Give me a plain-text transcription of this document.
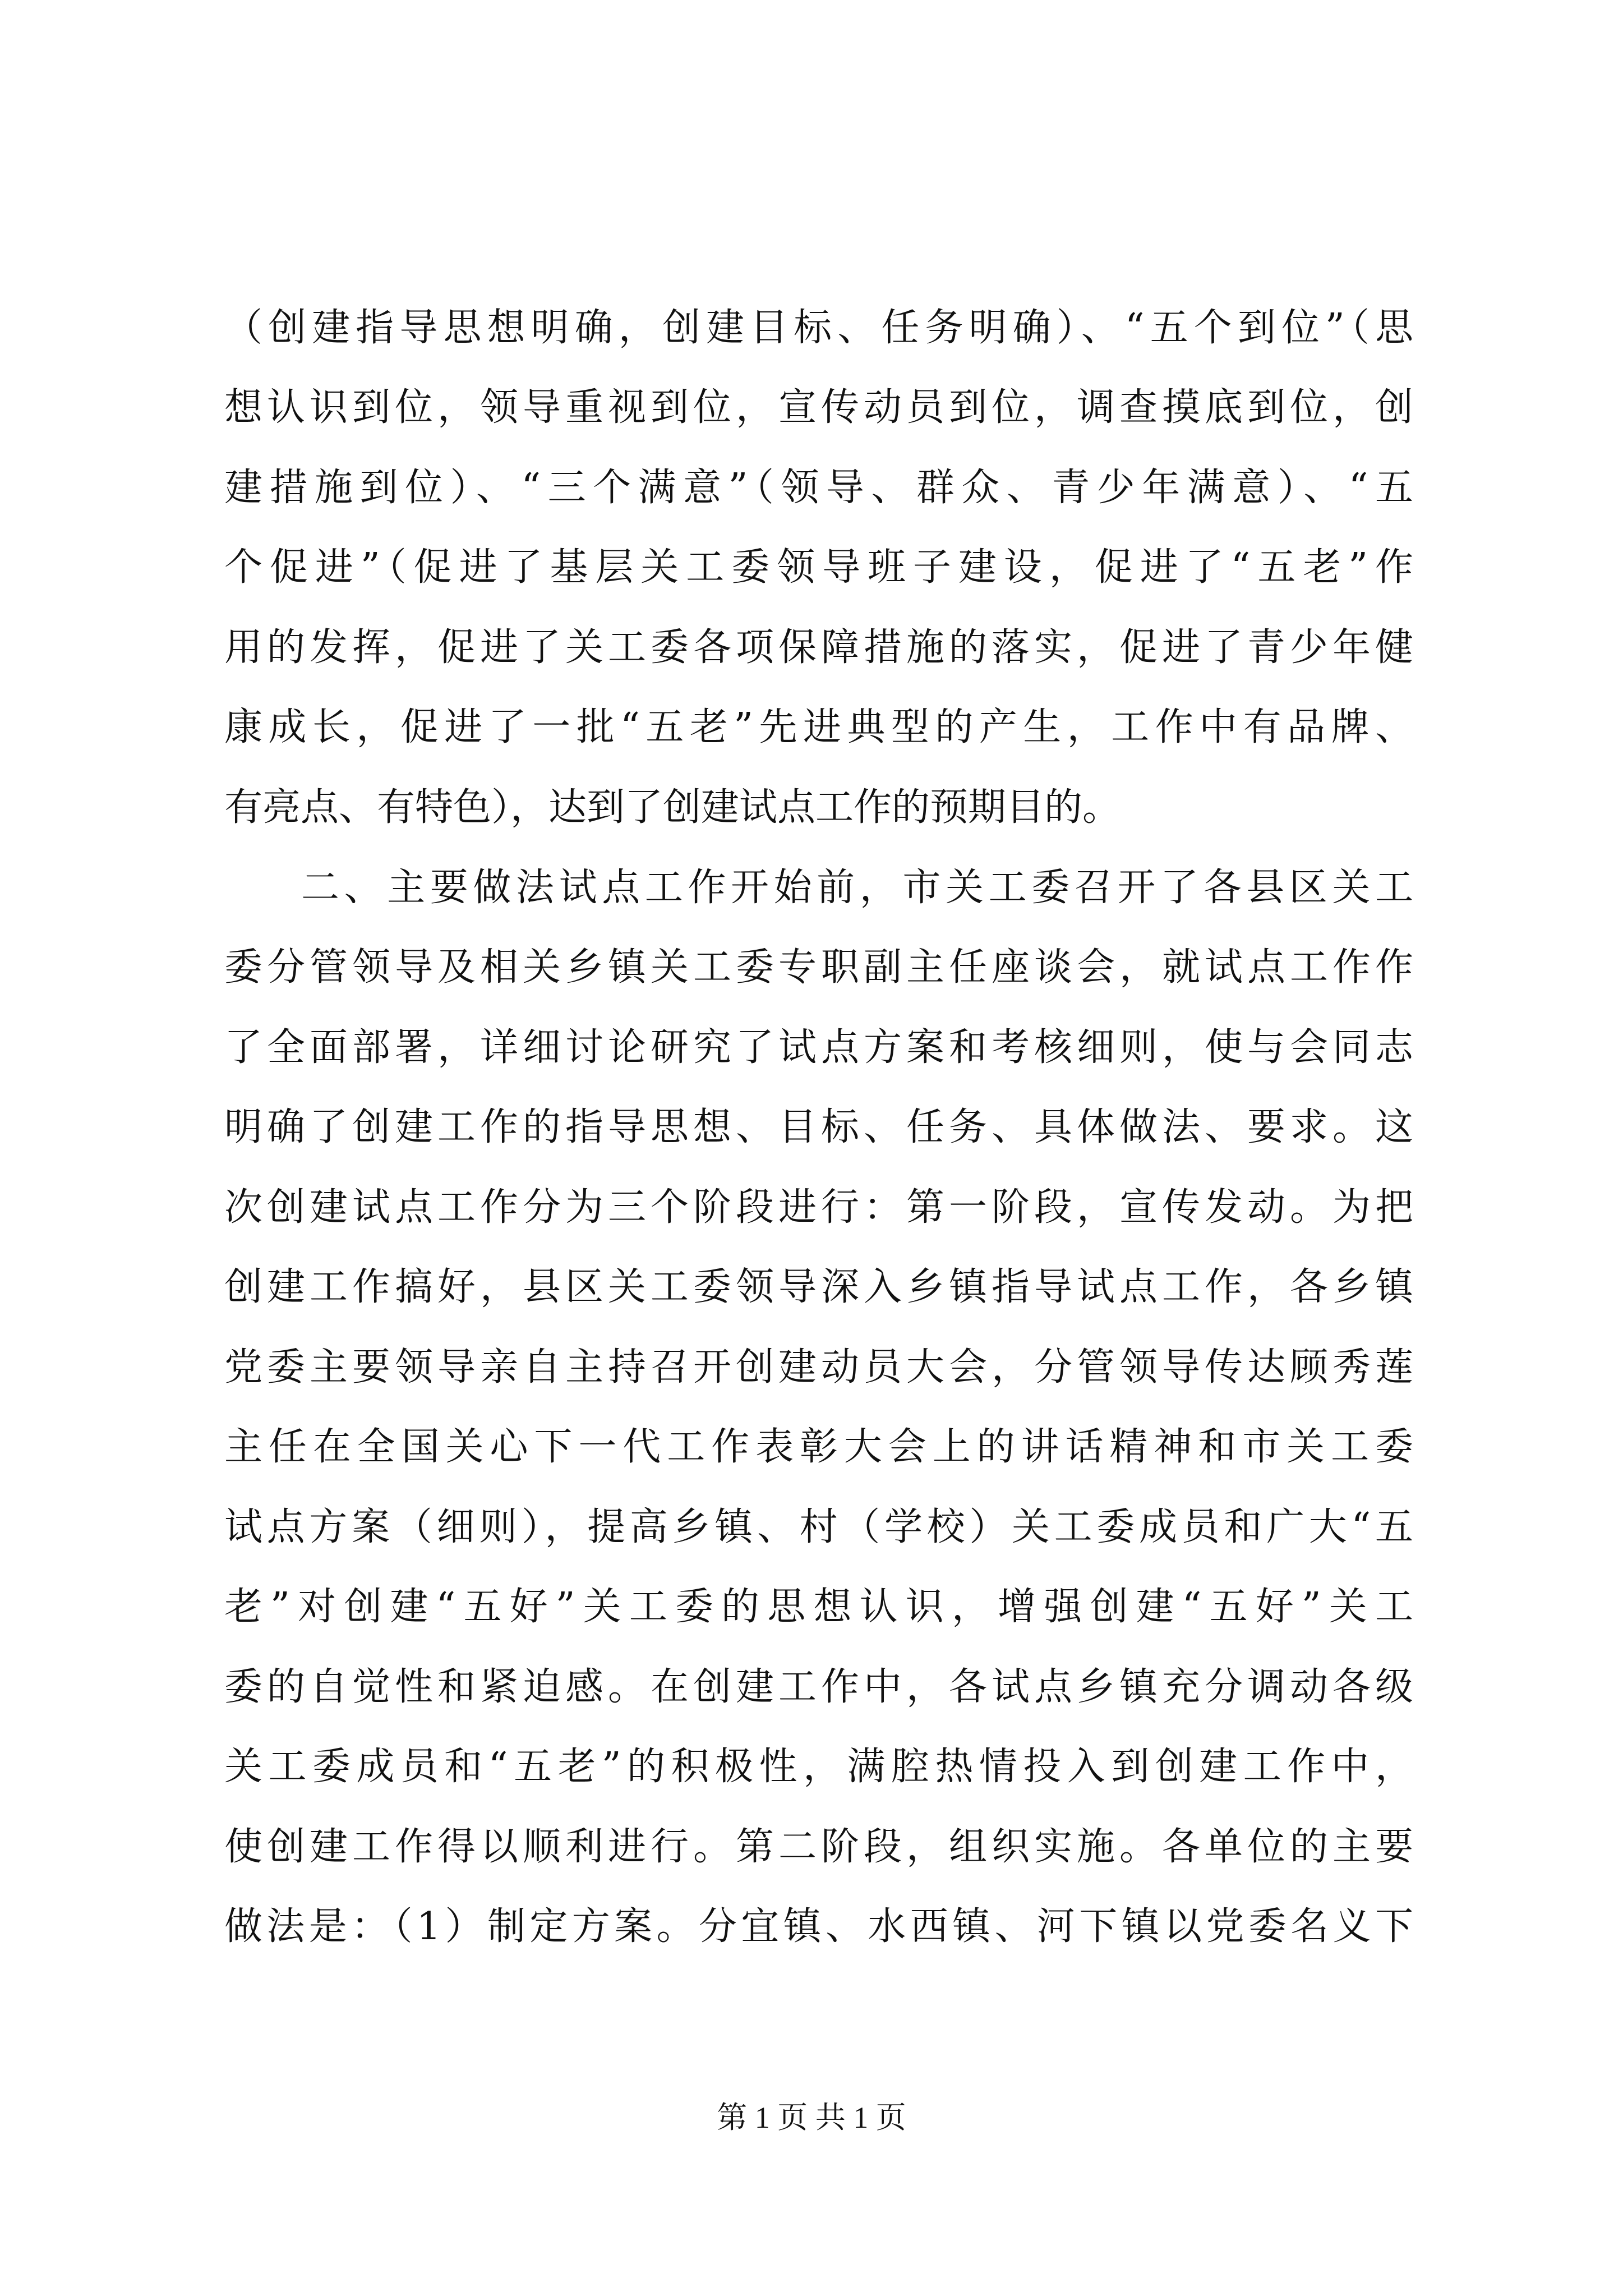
（创建指导思想明确，创建目标、任务明确）、“五个到位”（思
想认识到位，领导重视到位，宣传动员到位，调查摸底到位，创
建措施到位）、“三个满意”（领导、群众、青少年满意）、“五
个促进”（促进了基层关工委领导班子建设，促进了“五老”作
用的发挥，促进了关工委各项保障措施的落实，促进了青少年健
康成长，促进了一批“五老”先进典型的产生，工作中有品牌、
有亮点、有特色），达到了创建试点工作的预期目的。
二、主要做法试点工作开始前，市关工委召开了各县区关工
委分管领导及相关乡镇关工委专职副主任座谈会，就试点工作作
了全面部署，详细讨论研究了试点方案和考核细则，使与会同志
明确了创建工作的指导思想、目标、任务、具体做法、要求。这
次创建试点工作分为三个阶段进行：第一阶段，宣传发动。为把
创建工作搞好，县区关工委领导深入乡镇指导试点工作，各乡镇
党委主要领导亲自主持召开创建动员大会，分管领导传达顾秀莲
主任在全国关心下一代工作表彰大会上的讲话精神和市关工委
试点方案（细则），提高乡镇、村（学校）关工委成员和广大“五
老”对创建“五好”关工委的思想认识，增强创建“五好”关工
委的自觉性和紧迫感。在创建工作中，各试点乡镇充分调动各级
关工委成员和“五老”的积极性，满腔热情投入到创建工作中，
使创建工作得以顺利进行。第二阶段，组织实施。各单位的主要
做法是：（1）制定方案。分宜镇、水西镇、河下镇以党委名义下
第 1 页 共 1 页
